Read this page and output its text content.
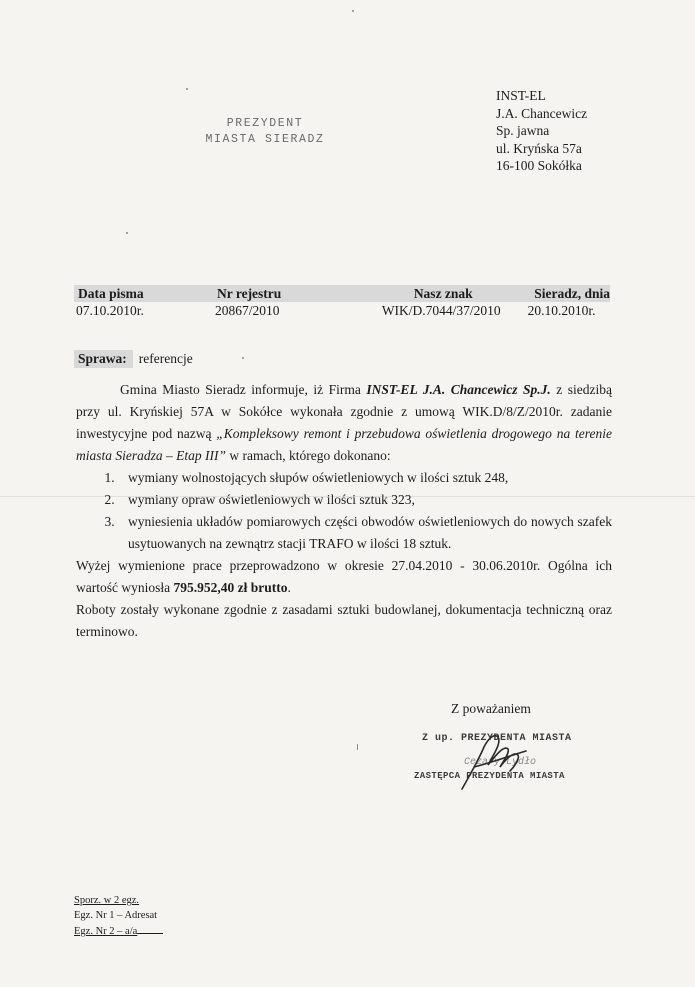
PREZYDENT
MIASTA SIERADZ
INST-EL
J.A. Chancewicz
Sp. jawna
ul. Kryńska 57a
16-100 Sokółka
Data pisma	Nr rejestru	Nasz znak	Sieradz, dnia
07.10.2010r.	20867/2010	WIK/D.7044/37/2010	20.10.2010r.
Sprawa: referencje

Gmina Miasto Sieradz informuje, iż Firma INST-EL J.A. Chancewicz Sp.J. z siedzibą przy ul. Kryńskiej 57A w Sokółce wykonała zgodnie z umową WIK.D/8/Z/2010r. zadanie inwestycyjne pod nazwą „Kompleksowy remont i przebudowa oświetlenia drogowego na terenie miasta Sieradza – Etap III” w ramach, którego dokonano:

1. wymiany wolnostojących słupów oświetleniowych w ilości sztuk 248,
2. wymiany opraw oświetleniowych w ilości sztuk 323,
3. wyniesienia układów pomiarowych części obwodów oświetleniowych do nowych szafek usytuowanych na zewnątrz stacji TRAFO w ilości 18 sztuk.

Wyżej wymienione prace przeprowadzono w okresie 27.04.2010 - 30.06.2010r. Ogólna ich wartość wyniosła 795.952,40 zł brutto.

Roboty zostały wykonane zgodnie z zasadami sztuki budowlanej, dokumentacja techniczną oraz terminowo.

Z poważaniem
Z up. PREZYDENTA MIASTA
Cezary Lydło
ZASTĘPCA PREZYDENTA MIASTA
Sporz. w 2 egz.
Egz. Nr 1 – Adresat
Egz. Nr 2 – a/a
